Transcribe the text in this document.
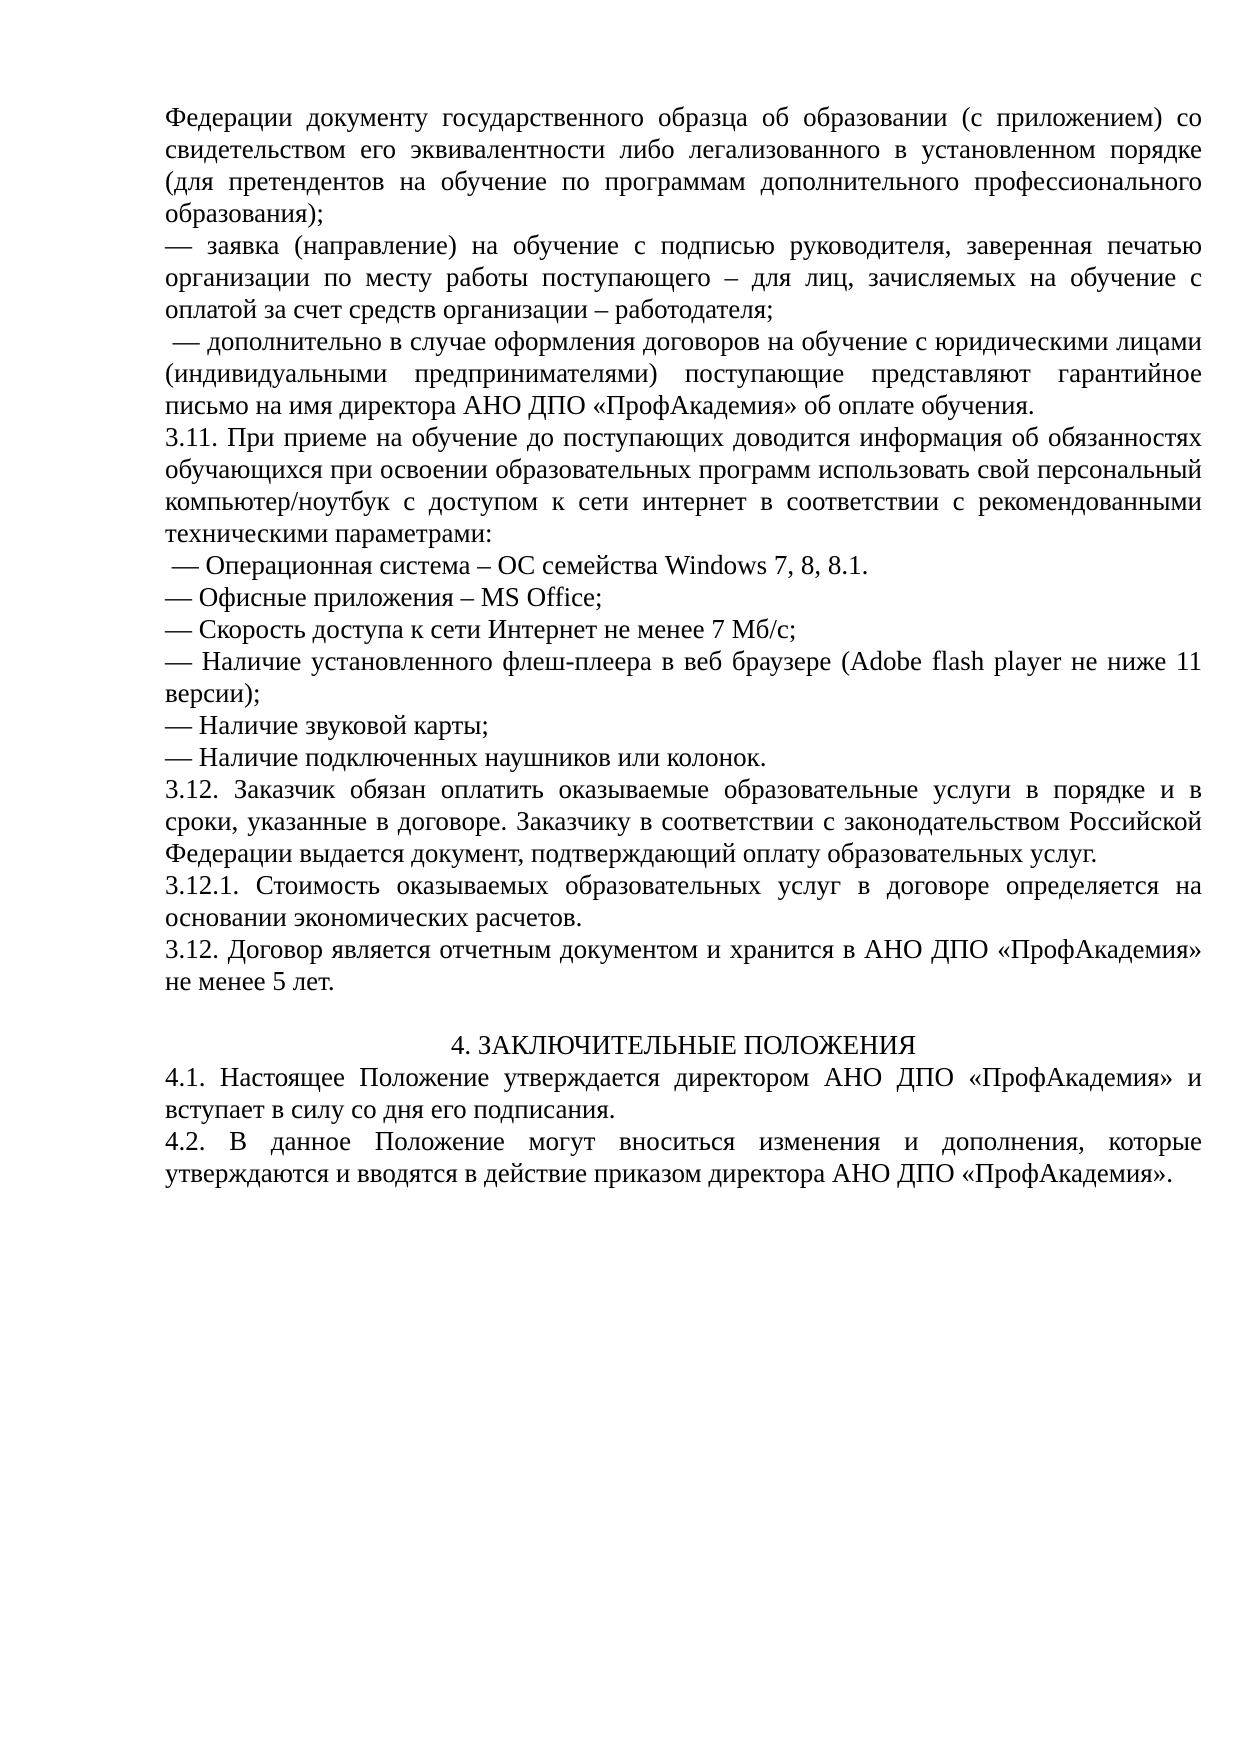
Федерации документу государственного образца об образовании (с приложением) со свидетельством его эквивалентности либо легализованного в установленном порядке (для претендентов на обучение по программам дополнительного профессионального образования);

— заявка (направление) на обучение с подписью руководителя, заверенная печатью организации по месту работы поступающего – для лиц, зачисляемых на обучение с оплатой за счет средств организации – работодателя;

— дополнительно в случае оформления договоров на обучение с юридическими лицами (индивидуальными предпринимателями) поступающие представляют гарантийное письмо на имя директора АНО ДПО «ПрофАкадемия» об оплате обучения.

3.11. При приеме на обучение до поступающих доводится информация об обязанностях обучающихся при освоении образовательных программ использовать свой персональный компьютер/ноутбук с доступом к сети интернет в соответствии с рекомендованными техническими параметрами:

— Операционная система – ОС семейства Windows 7, 8, 8.1.

— Офисные приложения – MS Office;

— Скорость доступа к сети Интернет не менее 7 Мб/с;

— Наличие установленного флеш-плеера в веб браузере (Adobe flash player не ниже 11 версии);

— Наличие звуковой карты;

— Наличие подключенных наушников или колонок.

3.12. Заказчик обязан оплатить оказываемые образовательные услуги в порядке и в сроки, указанные в договоре. Заказчику в соответствии с законодательством Российской Федерации выдается документ, подтверждающий оплату образовательных услуг.

3.12.1. Стоимость оказываемых образовательных услуг в договоре определяется на основании экономических расчетов.

3.12. Договор является отчетным документом и хранится в АНО ДПО «ПрофАкадемия» не менее 5 лет.

4. ЗАКЛЮЧИТЕЛЬНЫЕ ПОЛОЖЕНИЯ

4.1. Настоящее Положение утверждается директором АНО ДПО «ПрофАкадемия» и вступает в силу со дня его подписания.

4.2. В данное Положение могут вноситься изменения и дополнения, которые утверждаются и вводятся в действие приказом директора АНО ДПО «ПрофАкадемия».
